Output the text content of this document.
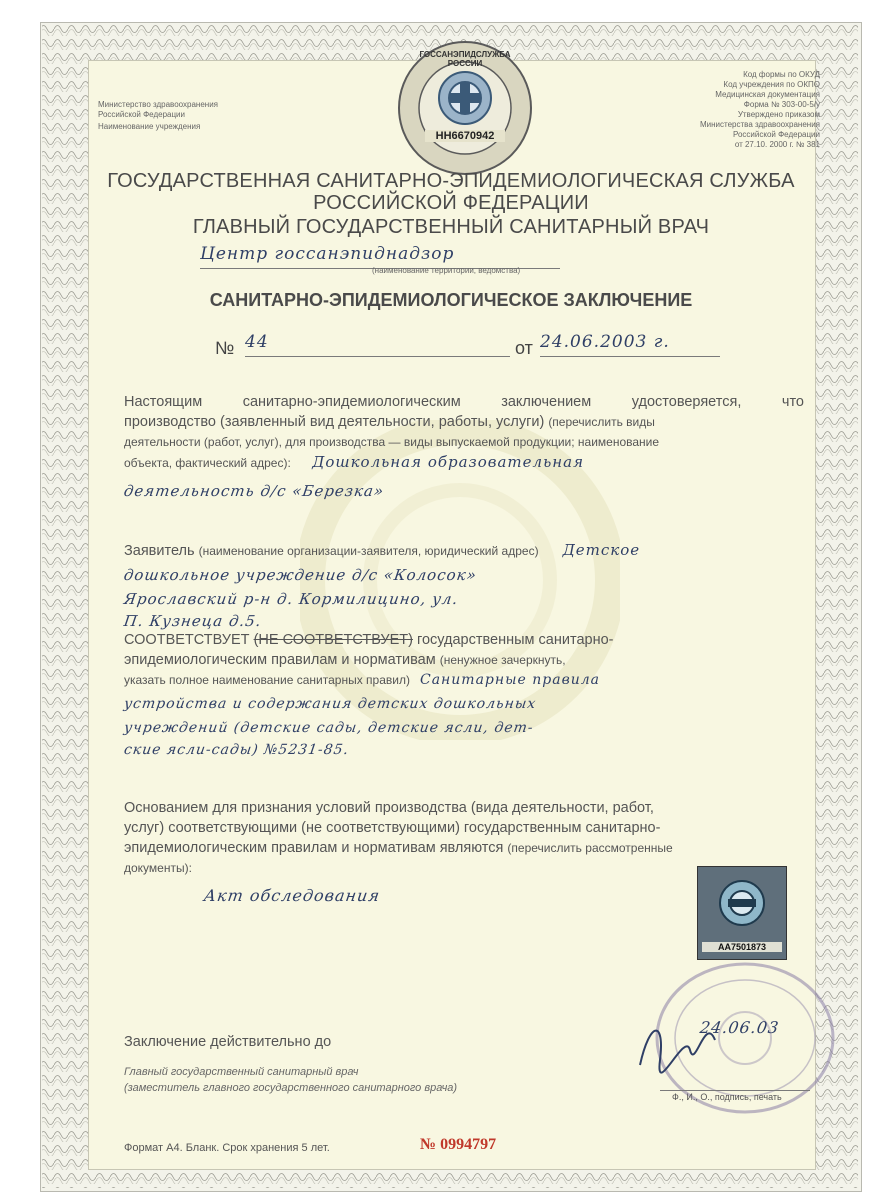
Министерство здравоохранения
Российской Федерации
Наименование учреждения
Код формы по ОКУД
Код учреждения по ОКПО
Медицинская документация
Форма № 303-00-5/у
Утверждено приказом
Министерства здравоохранения
Российской Федерации
от 27.10. 2000 г. № 381
ГОССАНЭПИДСЛУЖБА РОССИИ
НН6670942
ГОСУДАРСТВЕННАЯ САНИТАРНО-ЭПИДЕМИОЛОГИЧЕСКАЯ СЛУЖБА
РОССИЙСКОЙ ФЕДЕРАЦИИ
ГЛАВНЫЙ ГОСУДАРСТВЕННЫЙ САНИТАРНЫЙ ВРАЧ
Центр госсанэпиднадзор
(наименование территории, ведомства)
САНИТАРНО-ЭПИДЕМИОЛОГИЧЕСКОЕ ЗАКЛЮЧЕНИЕ
№ 44	от 24.06.2003 г.
Настоящим санитарно-эпидемиологическим заключением удостоверяется, что
производство (заявленный вид деятельности, работы, услуги) (перечислить виды
деятельности (работ, услуг), для производства — виды выпускаемой продукции; наименование
объекта, фактический адрес): Дошкольная образовательная
деятельность д/с «Березка»
Заявитель (наименование организации-заявителя, юридический адрес) Детское
дошкольное учреждение д/с «Колосок»
Ярославский р-н д. Кормилицино, ул.
П. Кузнеца д.5.
СООТВЕТСТВУЕТ (НЕ СООТВЕТСТВУЕТ) государственным санитарно-
эпидемиологическим правилам и нормативам (ненужное зачеркнуть,
указать полное наименование санитарных правил) Санитарные правила
устройства и содержания детских дошкольных
учреждений (детские сады, детские ясли, дет-
ские ясли-сады) №5231-85.
Основанием для признания условий производства (вида деятельности, работ,
услуг) соответствующими (не соответствующими) государственным санитарно-
эпидемиологическим правилам и нормативам являются (перечислить рассмотренные
документы):
Акт обследования
АА7501873
Заключение действительно до
24.06.03
Главный государственный санитарный врач
(заместитель главного государственного санитарного врача)
Ф., И., О., подпись, печать
Формат А4. Бланк. Срок хранения 5 лет.	№ 0994797
